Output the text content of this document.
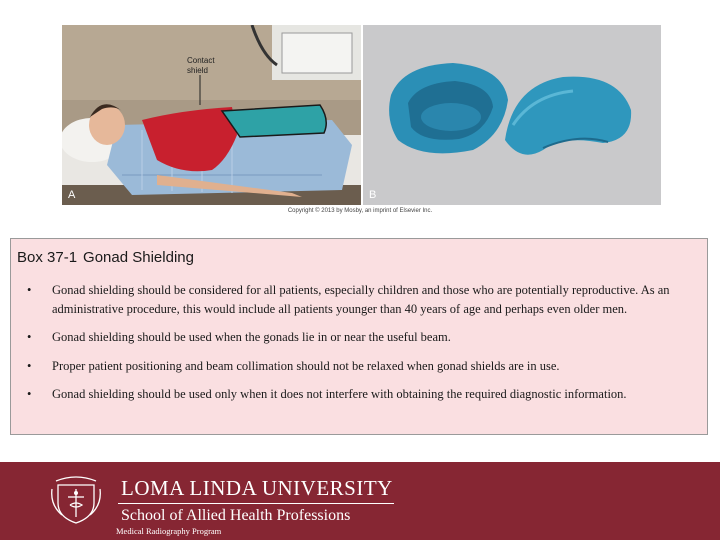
Contact
shield
A	B
Copyright © 2013 by Mosby, an imprint of Elsevier Inc.
Box 37-1 Gonad Shielding
• Gonad shielding should be considered for all patients, especially children and those who are potentially reproductive. As an administrative procedure, this would include all patients younger than 40 years of age and perhaps even older men.
• Gonad shielding should be used when the gonads lie in or near the useful beam.
• Proper patient positioning and beam collimation should not be relaxed when gonad shields are in use.
• Gonad shielding should be used only when it does not interfere with obtaining the required diagnostic information.
LOMA LINDA UNIVERSITY
School of Allied Health Professions
Medical Radiography Program
